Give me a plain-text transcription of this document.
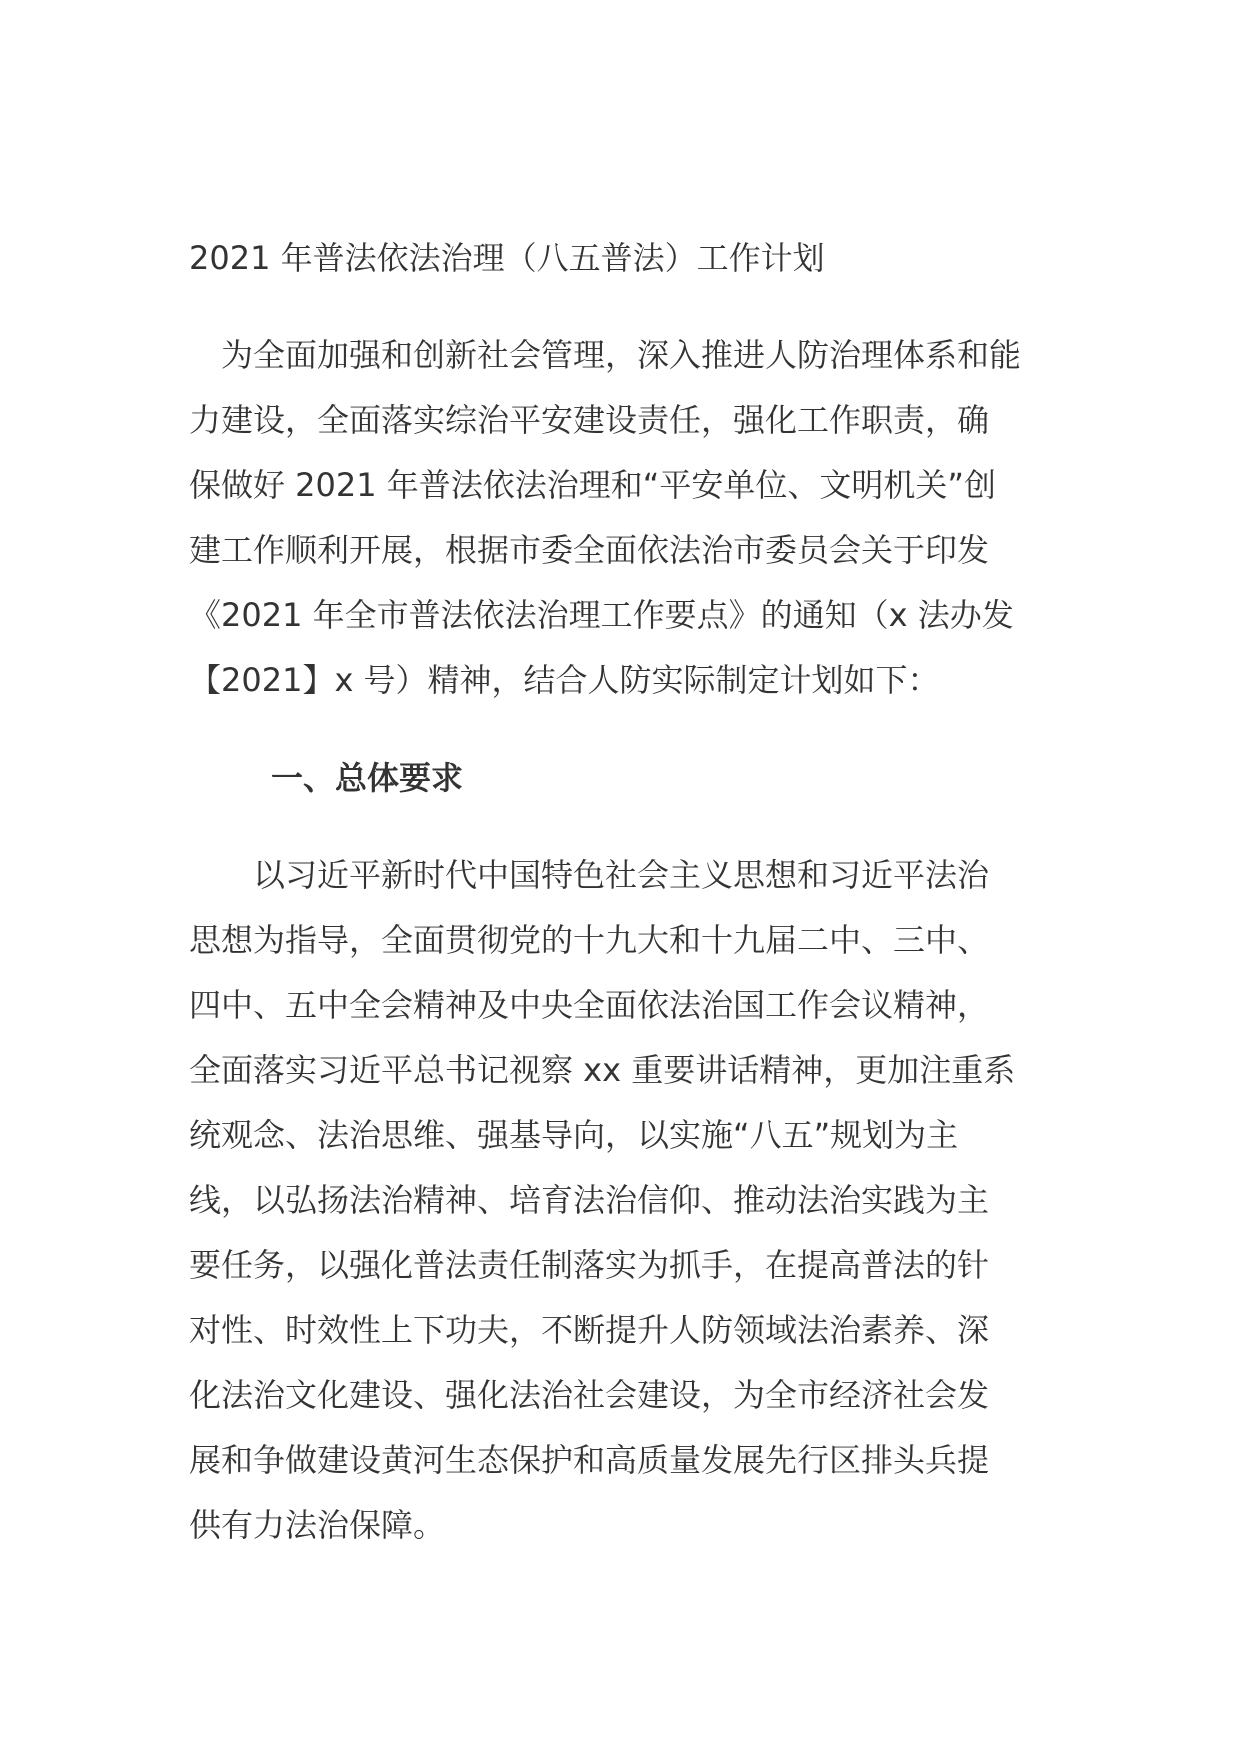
2021 年普法依法治理（八五普法）工作计划
　为全面加强和创新社会管理，深入推进人防治理体系和能
力建设，全面落实综治平安建设责任，强化工作职责，确
保做好 2021 年普法依法治理和“平安单位、文明机关”创
建工作顺利开展，根据市委全面依法治市委员会关于印发
《2021 年全市普法依法治理工作要点》的通知（x 法办发
【2021】x 号）精神，结合人防实际制定计划如下：
一、总体要求
　　以习近平新时代中国特色社会主义思想和习近平法治
思想为指导，全面贯彻党的十九大和十九届二中、三中、
四中、五中全会精神及中央全面依法治国工作会议精神，
全面落实习近平总书记视察 xx 重要讲话精神，更加注重系
统观念、法治思维、强基导向，以实施“八五”规划为主
线，以弘扬法治精神、培育法治信仰、推动法治实践为主
要任务，以强化普法责任制落实为抓手，在提高普法的针
对性、时效性上下功夫，不断提升人防领域法治素养、深
化法治文化建设、强化法治社会建设，为全市经济社会发
展和争做建设黄河生态保护和高质量发展先行区排头兵提
供有力法治保障。
